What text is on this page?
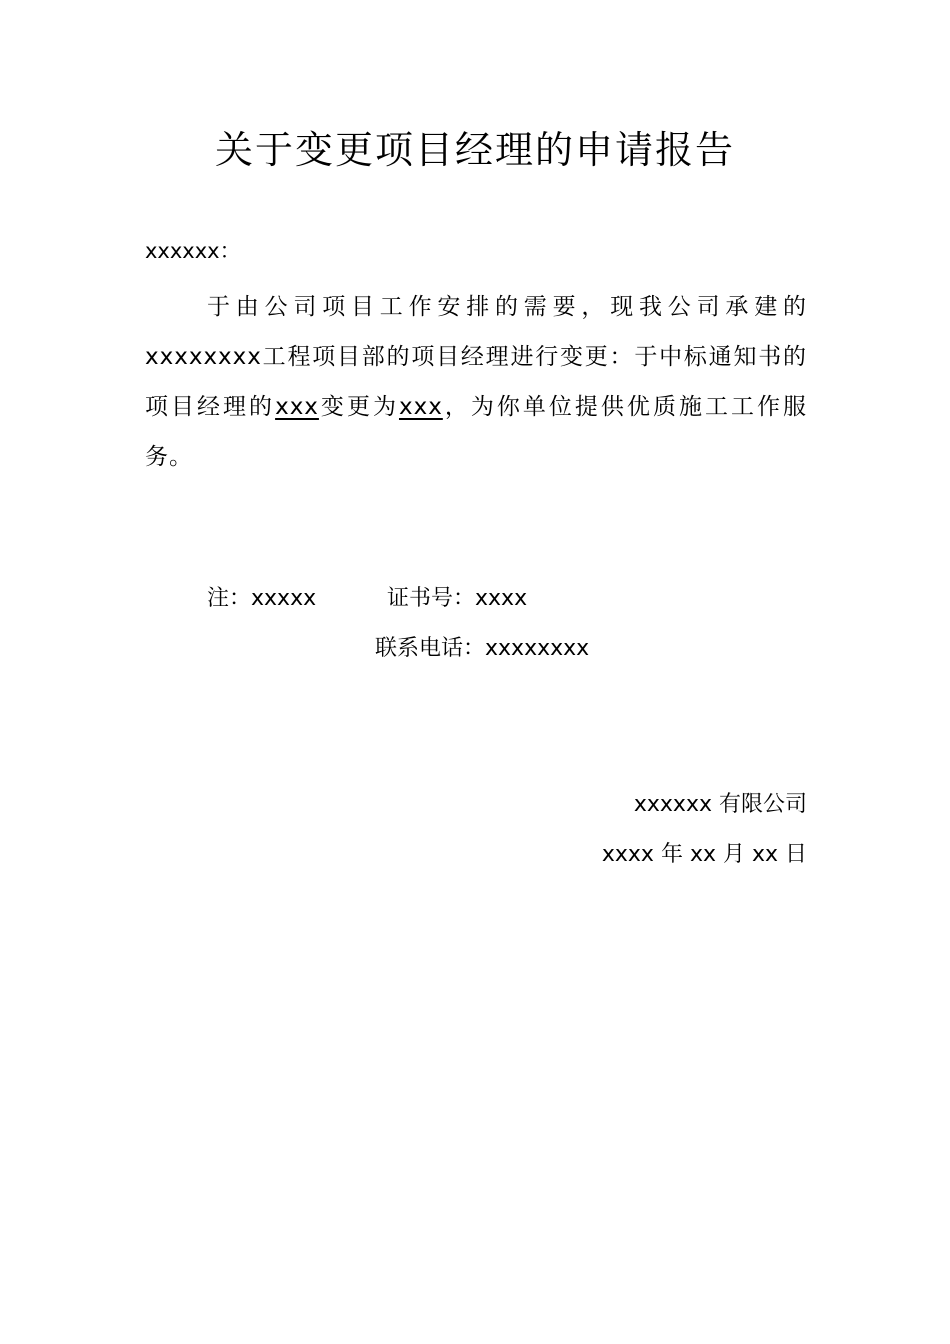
关于变更项目经理的申请报告
xxxxxx：

于由公司项目工作安排的需要，现我公司承建的xxxxxxxx工程项目部的项目经理进行变更：于中标通知书的项目经理的xxx变更为xxx，为你单位提供优质施工工作服务。

注：xxxxx	证书号：xxxx
联系电话：xxxxxxxx
xxxxxx 有限公司
xxxx 年 xx 月 xx 日
